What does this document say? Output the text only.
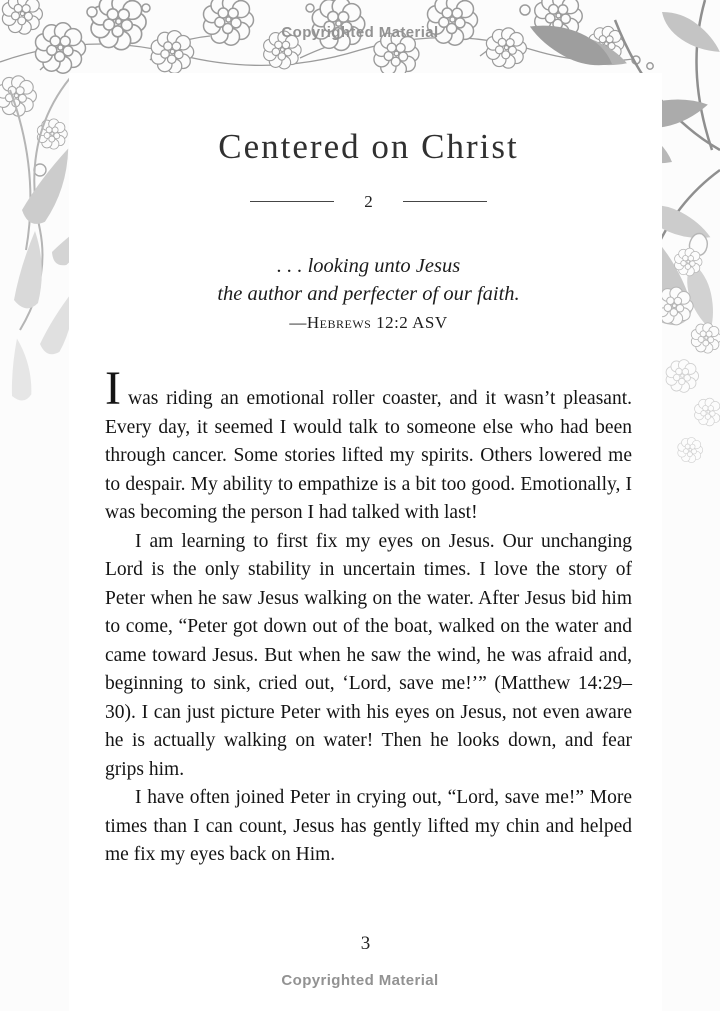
Copyrighted Material
Centered on Christ
2
. . . looking unto Jesus
the author and perfecter of our faith.
—Hebrews 12:2 ASV

Iwas riding an emotional roller coaster, and it wasn’t pleasant. Every day, it seemed I would talk to someone else who had been through cancer. Some stories lifted my spirits. Others lowered me to despair. My ability to empathize is a bit too good. Emotionally, I was becoming the person I had talked with last!

I am learning to first fix my eyes on Jesus. Our unchanging Lord is the only stability in uncertain times. I love the story of Peter when he saw Jesus walking on the water. After Jesus bid him to come, “Peter got down out of the boat, walked on the water and came toward Jesus. But when he saw the wind, he was afraid and, beginning to sink, cried out, ‘Lord, save me!’” (Matthew 14:29–30). I can just picture Peter with his eyes on Jesus, not even aware he is actually walking on water! Then he looks down, and fear grips him.

I have often joined Peter in crying out, “Lord, save me!” More times than I can count, Jesus has gently lifted my chin and helped me fix my eyes back on Him.

3
Copyrighted Material
